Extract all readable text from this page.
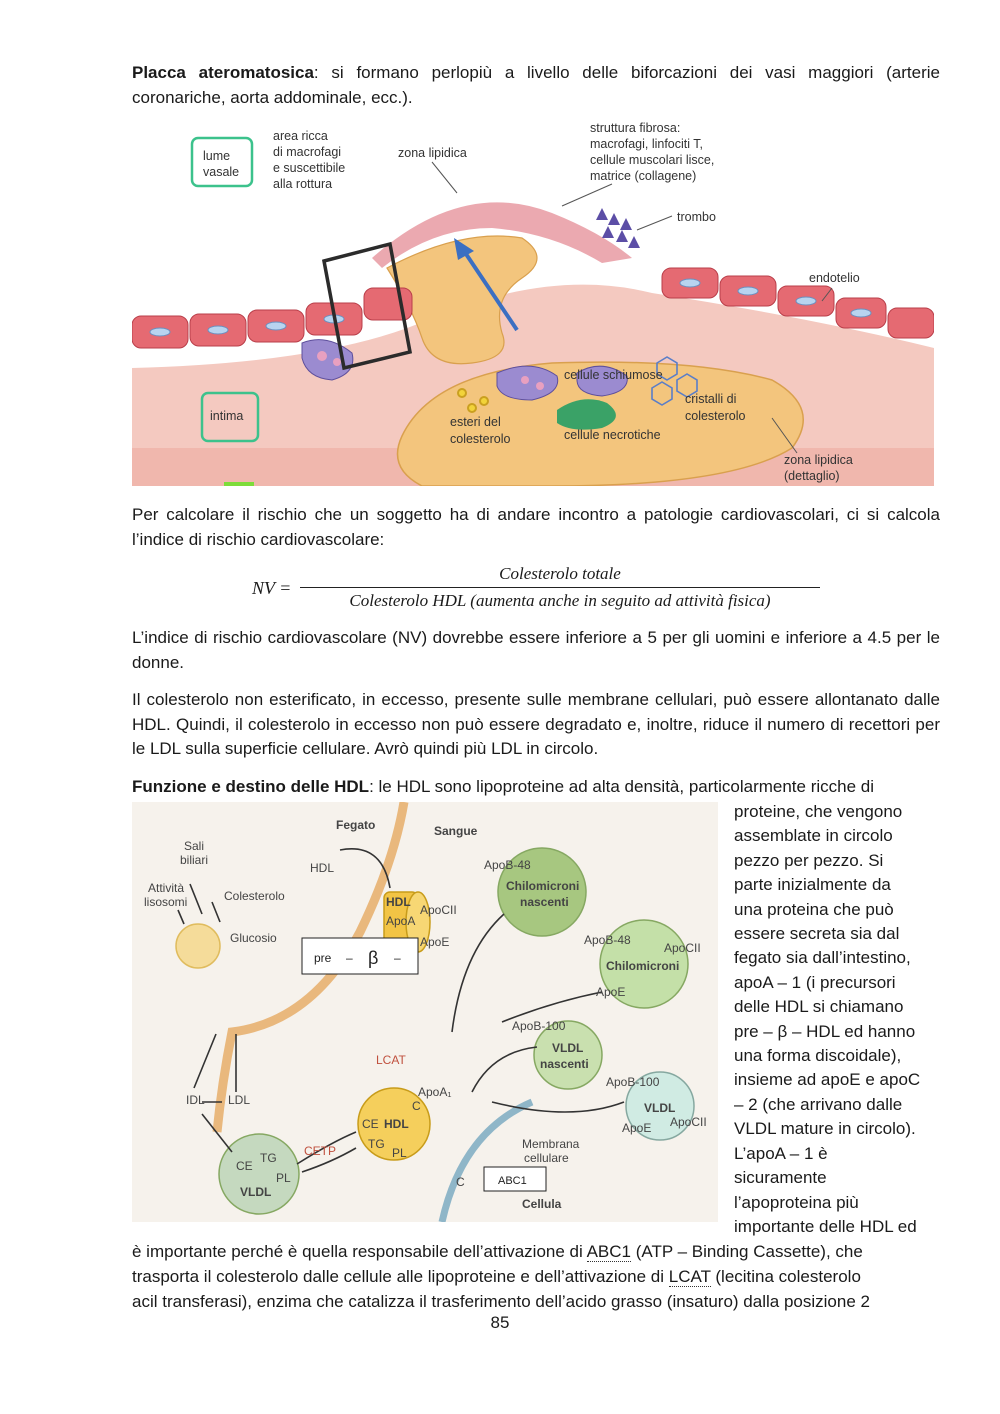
Placca ateromatosica: si formano perlopiù a livello delle biforcazioni dei vasi maggiori (arterie coronariche, aorta addominale, ecc.).

lume
vasale
area ricca
di macrofagi
e suscettibile
alla rottura
zona lipidica
struttura fibrosa:
macrofagi, linfociti T,
cellule muscolari lisce,
matrice (collagene)
trombo
endotelio
intima
cellule schiumose
cristalli di
colesterolo
esteri del
colesterolo	cellule necrotiche
zona lipidica
(dettaglio)

Per calcolare il rischio che un soggetto ha di andare incontro a patologie cardiovascolari, ci si calcola l’indice di rischio cardiovascolare:

NV =
Colesterolo totale
Colesterolo HDL (aumenta anche in seguito ad attività fisica)

L’indice di rischio cardiovascolare (NV) dovrebbe essere inferiore a 5 per gli uomini e inferiore a 4.5 per le donne.

Il colesterolo non esterificato, in eccesso, presente sulle membrane cellulari, può essere allontanato dalle HDL. Quindi, il colesterolo in eccesso non può essere degradato e, inoltre, riduce il numero di recettori per le LDL sulla superficie cellulare. Avrò quindi più LDL in circolo.

Funzione e destino delle HDL: le HDL sono lipoproteine ad alta densità, particolarmente ricche di

Fegato	Sangue
Sali
biliari
Attività
lisosomi	Colesterolo
Glucosio
HDL
HDL
ApoA
ApoCII
ApoE
ApoB-48
Chilomicroni
nascenti
ApoB-48
ApoCII
Chilomicroni
ApoE
ApoB-100
VLDL
nascenti
ApoB-100
VLDL
ApoE ApoCII
LCAT
ApoA₁
CE HDL
TG
PL
C
CETP
IDL LDL
CE
TG
PL
VLDL
C
Membrana
cellulare
Cellula
pre – β –
ABC1
proteine, che vengono
assemblate in circolo
pezzo per pezzo. Si
parte inizialmente da
una proteina che può
essere secreta sia dal
fegato sia dall’intestino,
apoA – 1 (i precursori
delle HDL si chiamano
pre – β – HDL ed hanno
una forma discoidale),
insieme ad apoE e apoC
– 2 (che arrivano dalle
VLDL mature in circolo).
L’apoA – 1 è
sicuramente
l’apoproteina più
importante delle HDL ed

è importante perché è quella responsabile dell’attivazione di ABC1 (ATP – Binding Cassette), che

trasporta il colesterolo dalle cellule alle lipoproteine e dell’attivazione di LCAT (lecitina colesterolo

acil transferasi), enzima che catalizza il trasferimento dell’acido grasso (insaturo) dalla posizione 2

85
